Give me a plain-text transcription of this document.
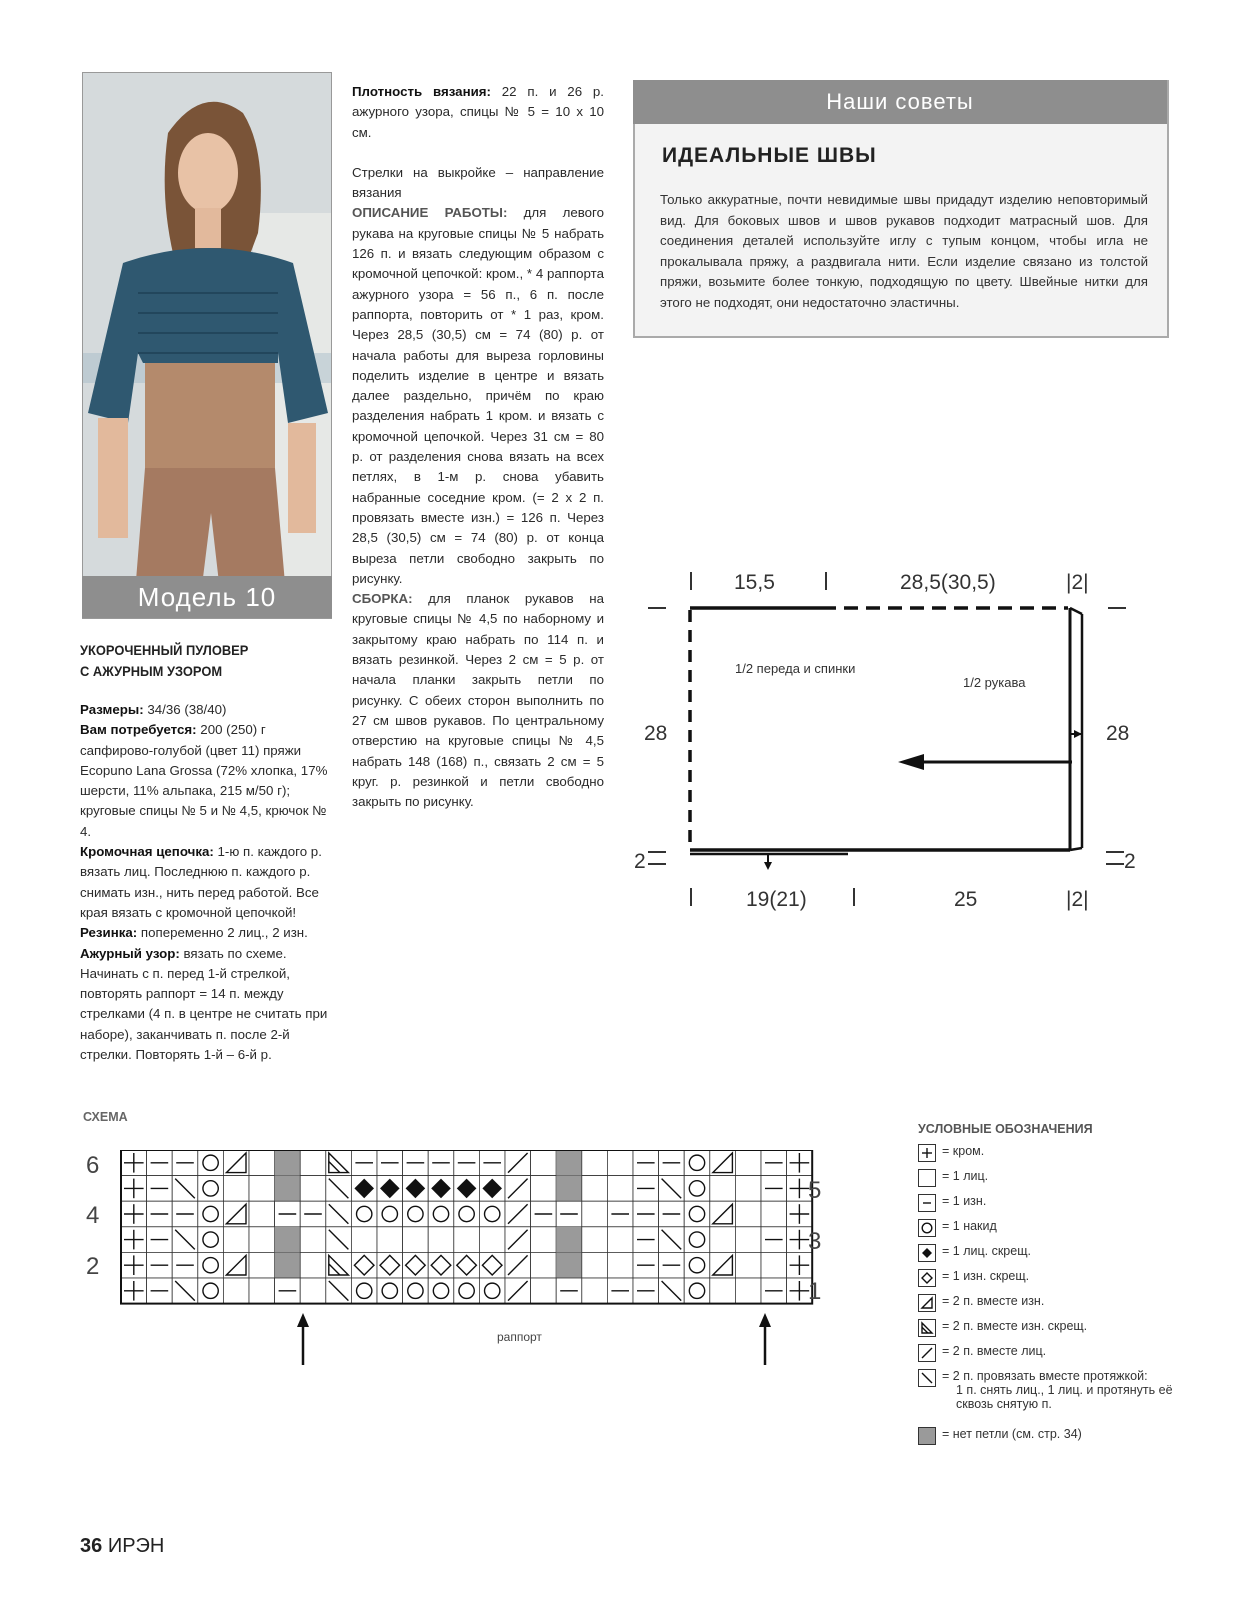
Модель 10
УКОРОЧЕННЫЙ ПУЛОВЕР
С АЖУРНЫМ УЗОРОМ
Размеры: 34/36 (38/40)
Вам потребуется: 200 (250) г сапфирово-голубой (цвет 11) пряжи Ecopuno Lana Grossa (72% хлопка, 17% шерсти, 11% альпака, 215 м/50 г); круговые спицы № 5 и № 4,5, крючок № 4.
Кромочная цепочка: 1-ю п. каждого р. вязать лиц. Последнюю п. каждого р. снимать изн., нить перед работой. Все края вязать с кромочной цепочкой!
Резинка: попеременно 2 лиц., 2 изн.
Ажурный узор: вязать по схеме. Начинать с п. перед 1-й стрелкой, повторять раппорт = 14 п. между стрелками (4 п. в центре не считать при наборе), заканчивать п. после 2-й стрелки. Повторять 1-й – 6-й р.

Плотность вязания: 22 п. и 26 р. ажурного узора, спицы № 5 = 10 х 10 см.

Стрелки на выкройке – направление вязания

ОПИСАНИЕ РАБОТЫ: для левого рукава на круговые спицы № 5 набрать 126 п. и вязать следующим образом с кромочной цепочкой: кром., * 4 раппорта ажурного узора = 56 п., 6 п. после раппорта, повторить от * 1 раз, кром. Через 28,5 (30,5) см = 74 (80) р. от начала работы для выреза горловины поделить изделие в центре и вязать далее раздельно, причём по краю разделения набрать 1 кром. и вязать с кромочной цепочкой. Через 31 см = 80 р. от разделения снова вязать на всех петлях, в 1-м р. снова убавить набранные соседние кром. (= 2 х 2 п. провязать вместе изн.) = 126 п. Через 28,5 (30,5) см = 74 (80) р. от конца выреза петли свободно закрыть по рисунку.

СБОРКА: для планок рукавов на круговые спицы № 4,5 по наборному и закрытому краю набрать по 114 п. и вязать резинкой. Через 2 см = 5 р. от начала планки закрыть петли по рисунку. С обеих сторон выполнить по 27 см швов рукавов. По центральному отверстию на круговые спицы № 4,5 набрать 148 (168) п., связать 2 см = 5 круг. р. резинкой и петли свободно закрыть по рисунку.

Наши советы
ИДЕАЛЬНЫЕ ШВЫ
Только аккуратные, почти невидимые швы придадут изделию неповторимый вид. Для боковых швов и швов рукавов подходит матрасный шов. Для соединения деталей используйте иглу с тупым концом, чтобы игла не прокалывала пряжу, а раздвигала нити. Если изделие связано из толстой пряжи, возьмите более тонкую, подходящую по цвету. Швейные нитки для этого не подходят, они недостаточно эластичны.
15,5	28,5(30,5)	|2|
1/2 переда и спинки
1/2 рукава
28	28
2	2
19(21)	25	|2|
СХЕМА
6
4
2
5
3
1
раппорт
УСЛОВНЫЕ ОБОЗНАЧЕНИЯ
= кром.
= 1 лиц.
= 1 изн.
= 1 накид
= 1 лиц. скрещ.
= 1 изн. скрещ.
= 2 п. вместе изн.
= 2 п. вместе изн. скрещ.
= 2 п. вместе лиц.
= 2 п. провязать вместе протяжкой:
1 п. снять лиц., 1 лиц. и протянуть её
сквозь снятую п.
= нет петли (см. стр. 34)
36 ИРЭН
